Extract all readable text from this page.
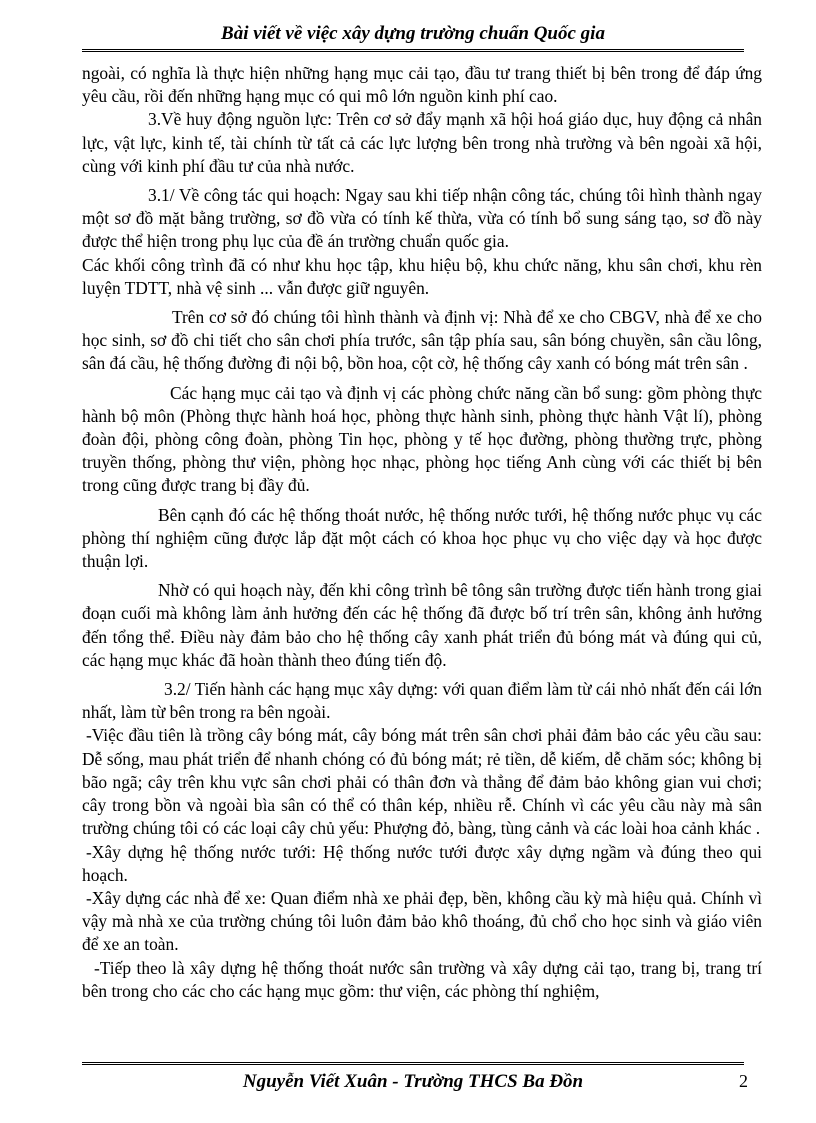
Bài viết về việc xây dựng trường chuẩn Quốc gia

ngoài, có nghĩa là thực hiện những hạng mục cải tạo, đầu tư trang thiết bị bên trong để đáp ứng yêu cầu, rồi đến những hạng mục có qui mô lớn nguồn kinh phí cao.

3.Về huy động nguồn lực: Trên cơ sở đẩy mạnh xã hội hoá giáo dục, huy động cả nhân lực, vật lực, kinh tế, tài chính từ tất cả các lực lượng bên trong nhà trường và bên ngoài xã hội, cùng với kinh phí đầu tư của nhà nước.

3.1/ Về công tác qui hoạch: Ngay sau khi tiếp nhận công tác, chúng tôi hình thành ngay một sơ đồ mặt bằng trường, sơ đồ vừa có tính kế thừa, vừa có tính bổ sung sáng tạo, sơ đồ này được thể hiện trong phụ lục của đề án trường chuẩn quốc gia.

Các khối công trình đã có như khu học tập, khu hiệu bộ, khu chức năng, khu sân chơi, khu rèn luyện TDTT, nhà vệ sinh ... vẫn được giữ nguyên.

Trên cơ sở đó chúng tôi hình thành và định vị: Nhà để xe cho CBGV, nhà để xe cho học sinh, sơ đồ chi tiết cho sân chơi phía trước, sân tập phía sau, sân bóng chuyền, sân cầu lông, sân đá cầu, hệ thống đường đi nội bộ, bồn hoa, cột cờ, hệ thống cây xanh có bóng mát trên sân .

Các hạng mục cải tạo và định vị các phòng chức năng cần bổ sung: gồm phòng thực hành bộ môn (Phòng thực hành hoá học, phòng thực hành sinh, phòng thực hành Vật lí), phòng đoàn đội, phòng công đoàn, phòng Tin học, phòng y tế học đường, phòng thường trực, phòng truyền thống, phòng thư viện, phòng học nhạc, phòng học tiếng Anh cùng với các thiết bị bên trong cũng được trang bị đầy đủ.

Bên cạnh đó các hệ thống thoát nước, hệ thống nước tưới, hệ thống nước phục vụ các phòng thí nghiệm cũng được lắp đặt một cách có khoa học phục vụ cho việc dạy và học được thuận lợi.

Nhờ có qui hoạch này, đến khi công trình bê tông sân trường được tiến hành trong giai đoạn cuối mà không làm ảnh hưởng đến các hệ thống đã được bố trí trên sân, không ảnh hưởng đến tổng thể. Điều này đảm bảo cho hệ thống cây xanh phát triển đủ bóng mát và đúng qui củ, các hạng mục khác đã hoàn thành theo đúng tiến độ.

3.2/ Tiến hành các hạng mục xây dựng: với quan điểm làm từ cái nhỏ nhất đến cái lớn nhất, làm từ bên trong ra bên ngoài.

-Việc đầu tiên là trồng cây bóng mát, cây bóng mát trên sân chơi phải đảm bảo các yêu cầu sau: Dễ sống, mau phát triển để nhanh chóng có đủ bóng mát; rẻ tiền, dễ kiếm, dễ chăm sóc; không bị bão ngã; cây trên khu vực sân chơi phải có thân đơn và thẳng để đảm bảo không gian vui chơi; cây trong bồn và ngoài bìa sân có thể có thân kép, nhiều rễ. Chính vì các yêu cầu này mà sân trường chúng tôi có các loại cây chủ yếu: Phượng đỏ, bàng, tùng cảnh và các loài hoa cảnh khác .

-Xây dựng hệ thống nước tưới: Hệ thống nước tưới được xây dựng ngầm và đúng theo qui hoạch.

-Xây dựng các nhà để xe: Quan điểm nhà xe phải đẹp, bền, không cầu kỳ mà hiệu quả. Chính vì vậy mà nhà xe của trường chúng tôi luôn đảm bảo khô thoáng, đủ chổ cho học sinh và giáo viên để xe an toàn.

-Tiếp theo là xây dựng hệ thống thoát nước sân trường và xây dựng cải tạo, trang bị, trang trí bên trong cho các cho các hạng mục gồm: thư viện, các phòng thí nghiệm,

Nguyễn Viết Xuân - Trường THCS Ba Đồn	2
